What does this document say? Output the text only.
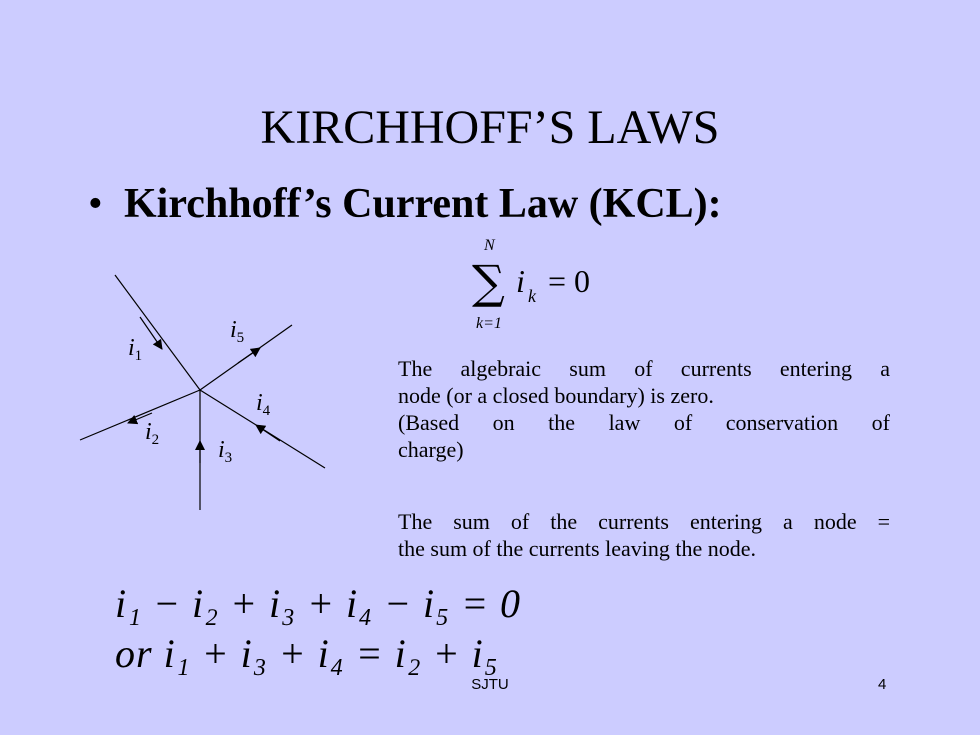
KIRCHHOFF’S LAWS
• Kirchhoff’s Current Law (KCL):
N
∑ i k = 0
k=1
$i_1$
$i_2$ $i_3$
$i_4$
$i_5$
The algebraic sum of currents entering a
node (or a closed boundary) is zero.
(Based on the law of conservation of
charge)
The sum of the currents entering a node =
the sum of the currents leaving the node.
i₁ − i₂ + i₃ + i₄ − i₅ = 0
or i₁ + i₃ + i₄ = i₂ + i₅
SJTU	4
